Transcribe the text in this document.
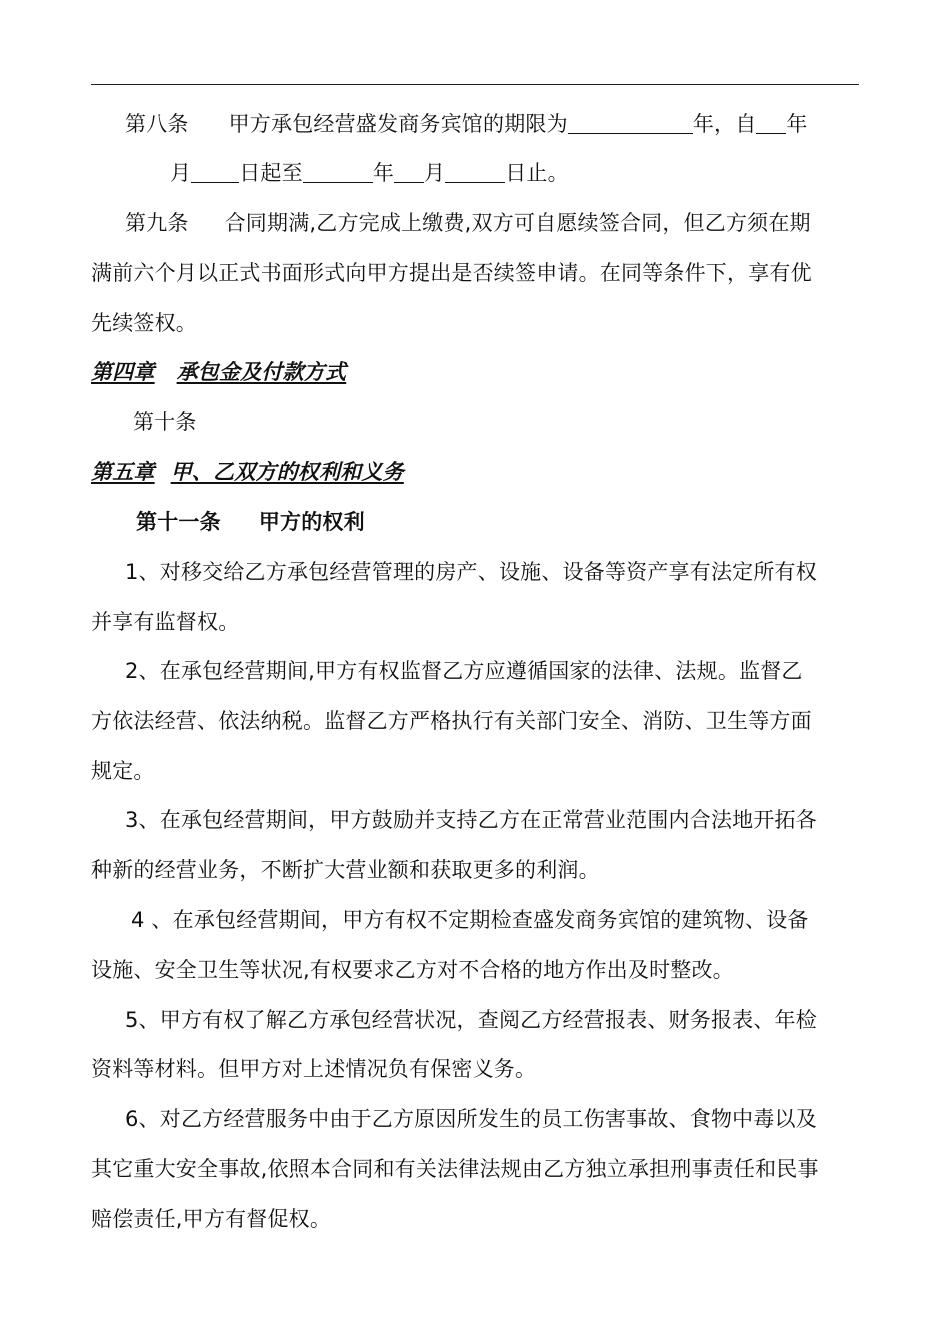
第八条 甲方承包经营盛发商务宾馆的期限为	年，自 年
月 日起至	年 月	日止。
第九条 合同期满,乙方完成上缴费,双方可自愿续签合同，但乙方须在期
满前六个月以正式书面形式向甲方提出是否续签申请。在同等条件下，享有优
先续签权。
第四章 承包金及付款方式
第十条
第五章 甲、乙双方的权利和义务
第十一条 甲方的权利
1、对移交给乙方承包经营管理的房产、设施、设备等资产享有法定所有权
并享有监督权。
2、在承包经营期间,甲方有权监督乙方应遵循国家的法律、法规。监督乙
方依法经营、依法纳税。监督乙方严格执行有关部门安全、消防、卫生等方面
规定。
3、在承包经营期间，甲方鼓励并支持乙方在正常营业范围内合法地开拓各
种新的经营业务，不断扩大营业额和获取更多的利润。
4 、在承包经营期间，甲方有权不定期检查盛发商务宾馆的建筑物、设备
设施、安全卫生等状况,有权要求乙方对不合格的地方作出及时整改。
5、甲方有权了解乙方承包经营状况，查阅乙方经营报表、财务报表、年检
资料等材料。但甲方对上述情况负有保密义务。
6、对乙方经营服务中由于乙方原因所发生的员工伤害事故、食物中毒以及
其它重大安全事故,依照本合同和有关法律法规由乙方独立承担刑事责任和民事
赔偿责任,甲方有督促权。
